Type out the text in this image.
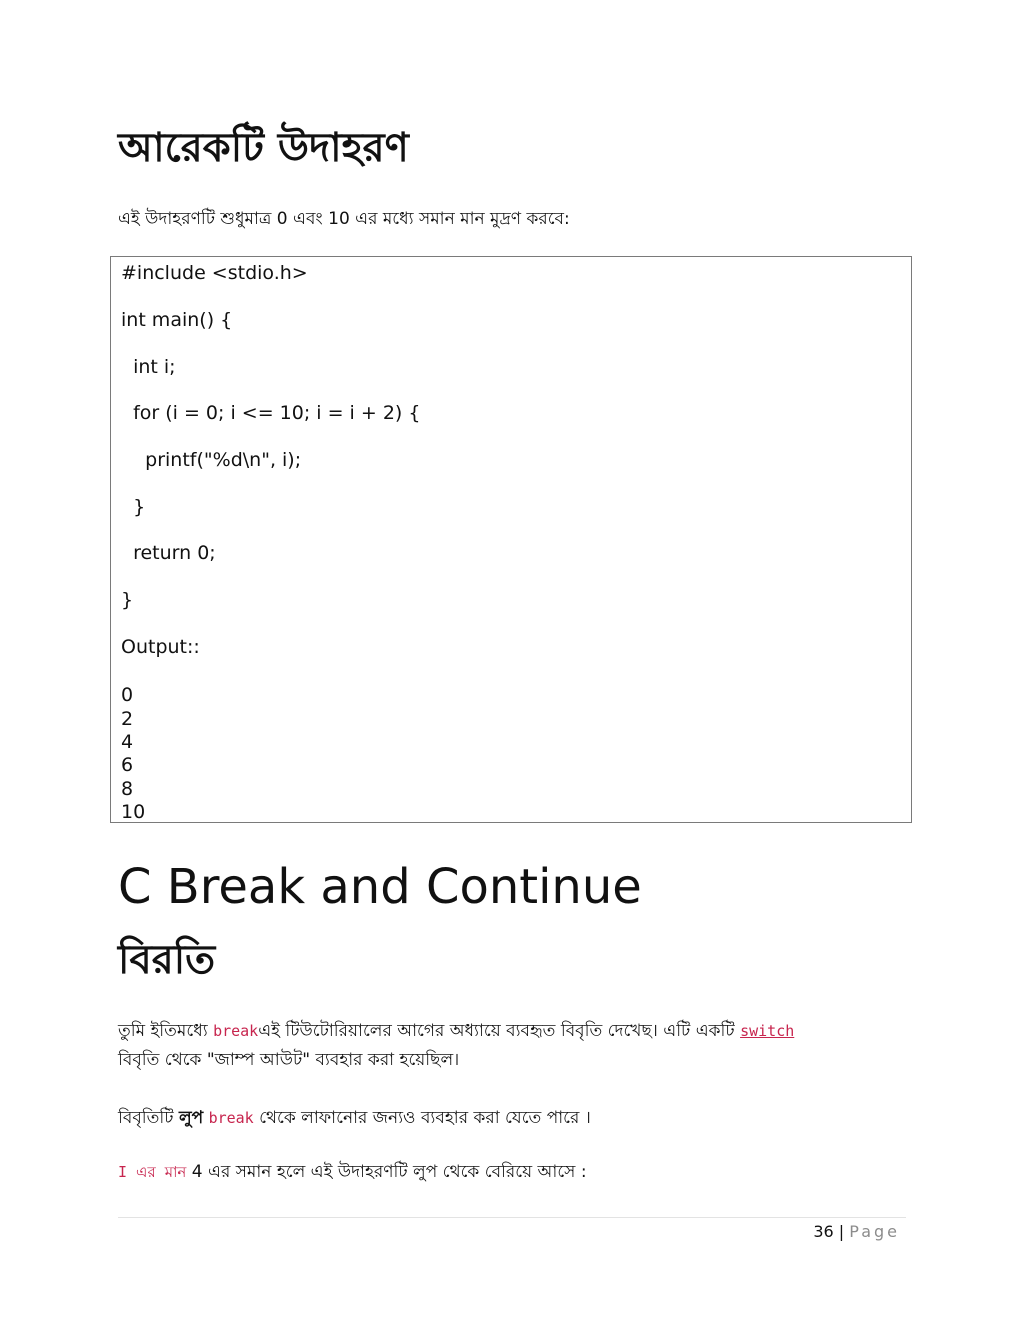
আরেকটি উদাহরণ
এই উদাহরণটি শুধুমাত্র 0 এবং 10 এর মধ্যে সমান মান মুদ্রণ করবে:
#include <stdio.h>
int main() {
int i;
for (i = 0; i <= 10; i = i + 2) {
printf("%d\n", i);
}
return 0;
}
Output::
0
2
4
6
8
10
C Break and Continue
বিরতি
তুমি ইতিমধ্যে breakএই টিউটোরিয়ালের আগের অধ্যায়ে ব্যবহৃত বিবৃতি দেখেছ। এটি একটি switch
বিবৃতি থেকে "জাম্প আউট" ব্যবহার করা হয়েছিল।
বিবৃতিটি লুপ break থেকে লাফানোর জন্যও ব্যবহার করা যেতে পারে ।
I এর মান 4 এর সমান হলে এই উদাহরণটি লুপ থেকে বেরিয়ে আসে :
36 | Page
